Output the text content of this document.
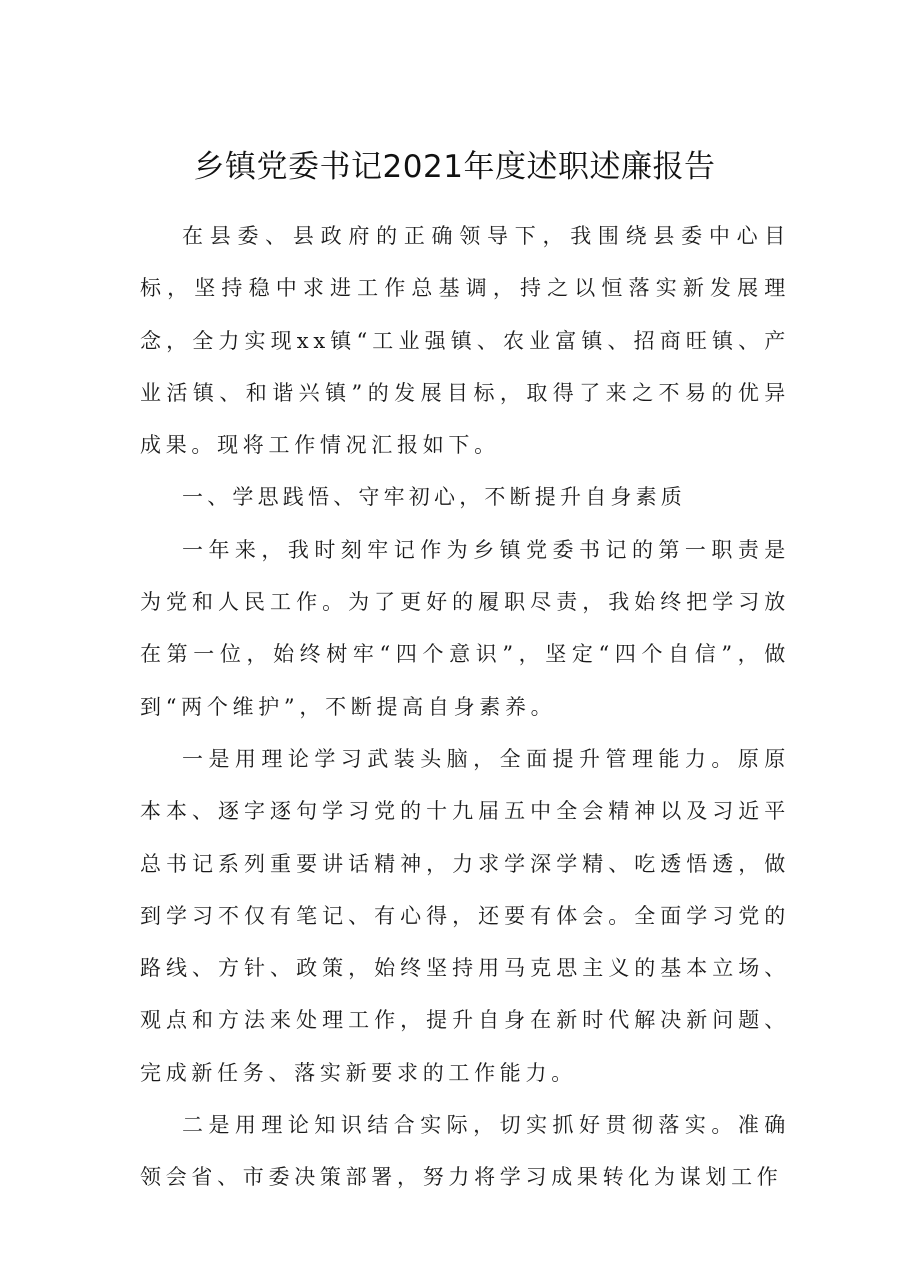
乡镇党委书记2021年度述职述廉报告

在县委、县政府的正确领导下，我围绕县委中心目标，坚持稳中求进工作总基调，持之以恒落实新发展理念，全力实现xx镇“工业强镇、农业富镇、招商旺镇、产业活镇、和谐兴镇”的发展目标，取得了来之不易的优异成果。现将工作情况汇报如下。

一、学思践悟、守牢初心，不断提升自身素质

一年来，我时刻牢记作为乡镇党委书记的第一职责是为党和人民工作。为了更好的履职尽责，我始终把学习放在第一位，始终树牢“四个意识”，坚定“四个自信”，做到“两个维护”，不断提高自身素养。

一是用理论学习武装头脑，全面提升管理能力。原原本本、逐字逐句学习党的十九届五中全会精神以及习近平总书记系列重要讲话精神，力求学深学精、吃透悟透，做到学习不仅有笔记、有心得，还要有体会。全面学习党的路线、方针、政策，始终坚持用马克思主义的基本立场、观点和方法来处理工作，提升自身在新时代解决新问题、完成新任务、落实新要求的工作能力。

二是用理论知识结合实际，切实抓好贯彻落实。准确领会省、市委决策部署，努力将学习成果转化为谋划工作
